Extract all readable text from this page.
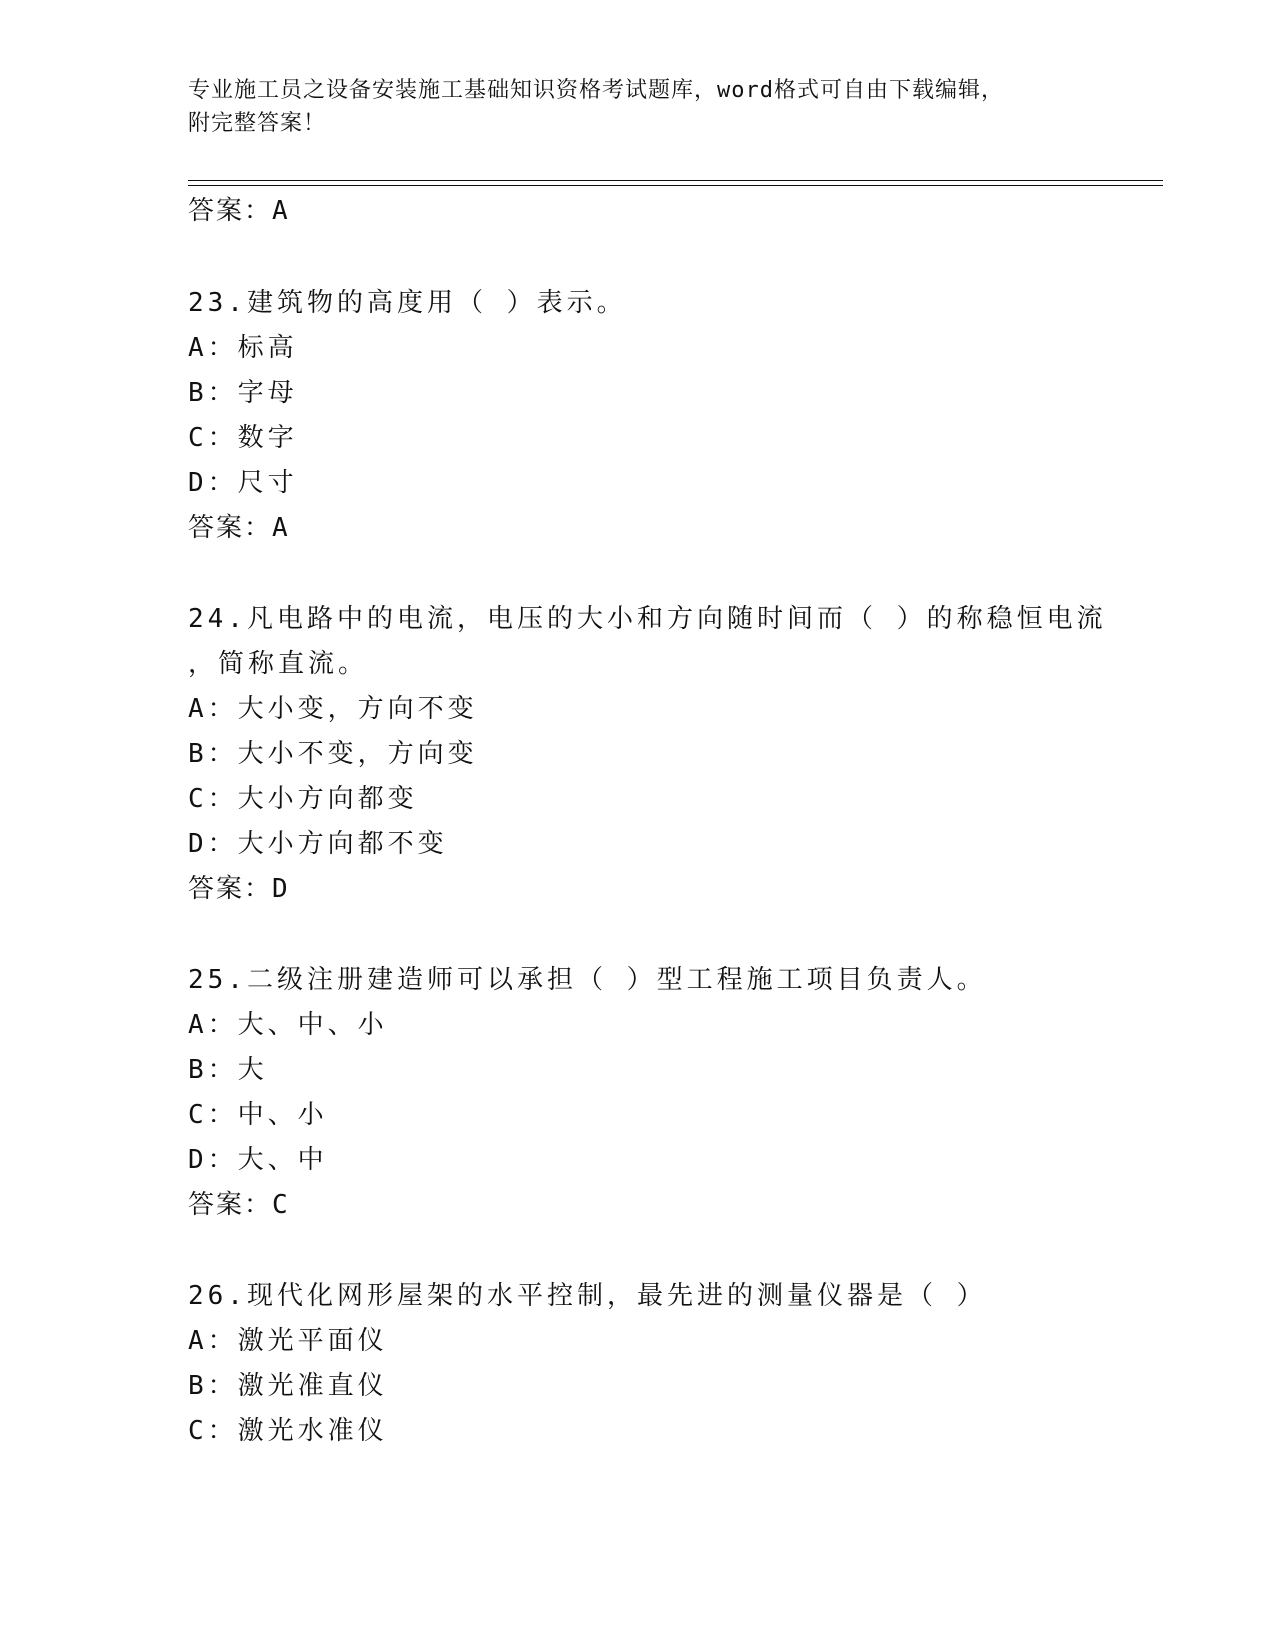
专业施工员之设备安装施工基础知识资格考试题库，word格式可自由下载编辑，
附完整答案！
答案：A
23.建筑物的高度用（ ）表示。
A：标高
B：字母
C：数字
D：尺寸
答案：A
24.凡电路中的电流，电压的大小和方向随时间而（ ）的称稳恒电流
，简称直流。
A：大小变，方向不变
B：大小不变，方向变
C：大小方向都变
D：大小方向都不变
答案：D
25.二级注册建造师可以承担（ ）型工程施工项目负责人。
A：大、中、小
B：大
C：中、小
D：大、中
答案：C
26.现代化网形屋架的水平控制，最先进的测量仪器是（ ）
A：激光平面仪
B：激光准直仪
C：激光水准仪
